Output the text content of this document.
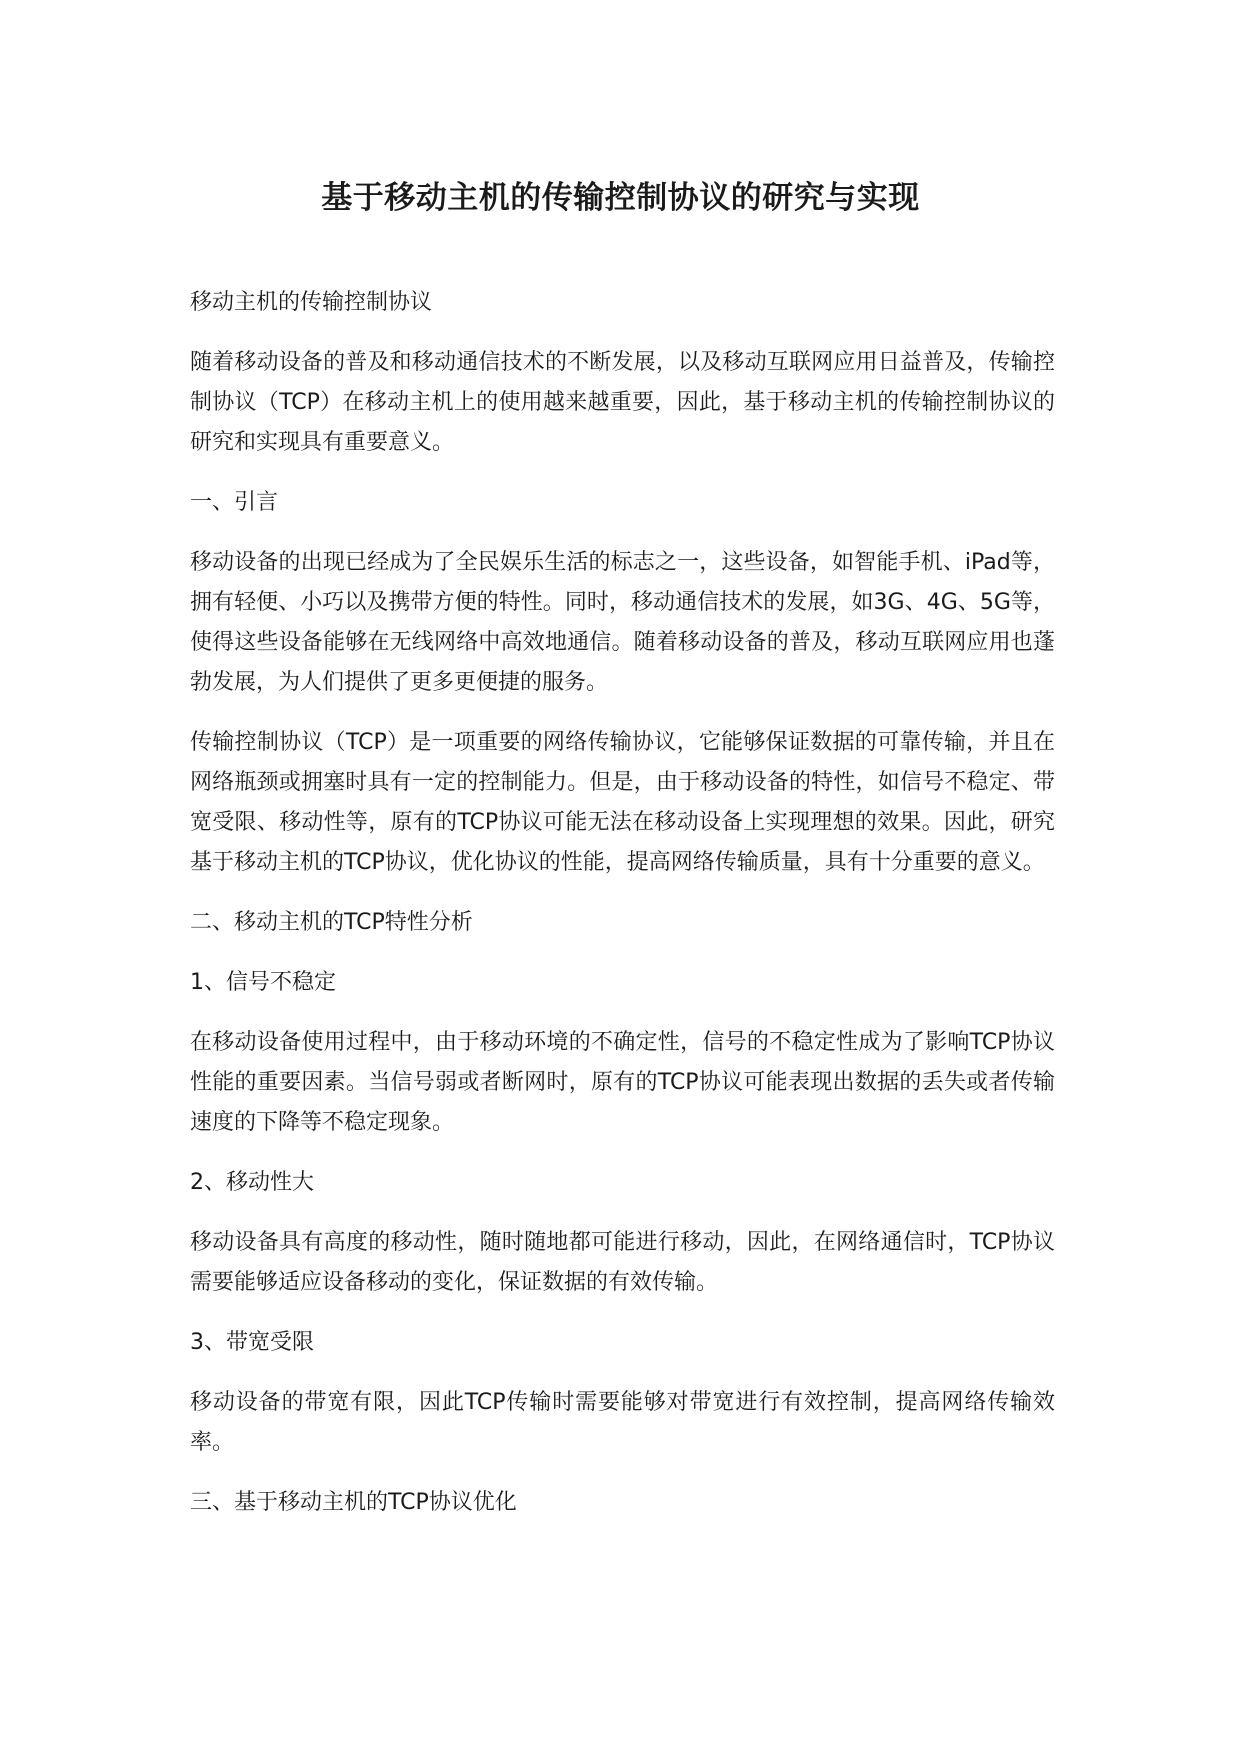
基于移动主机的传输控制协议的研究与实现
移动主机的传输控制协议
随着移动设备的普及和移动通信技术的不断发展，以及移动互联网应用日益普及，传输控制协议（TCP）在移动主机上的使用越来越重要，因此，基于移动主机的传输控制协议的研究和实现具有重要意义。
一、引言
移动设备的出现已经成为了全民娱乐生活的标志之一，这些设备，如智能手机、iPad等，拥有轻便、小巧以及携带方便的特性。同时，移动通信技术的发展，如3G、4G、5G等，使得这些设备能够在无线网络中高效地通信。随着移动设备的普及，移动互联网应用也蓬勃发展，为人们提供了更多更便捷的服务。
传输控制协议（TCP）是一项重要的网络传输协议，它能够保证数据的可靠传输，并且在网络瓶颈或拥塞时具有一定的控制能力。但是，由于移动设备的特性，如信号不稳定、带宽受限、移动性等，原有的TCP协议可能无法在移动设备上实现理想的效果。因此，研究基于移动主机的TCP协议，优化协议的性能，提高网络传输质量，具有十分重要的意义。
二、移动主机的TCP特性分析
1、信号不稳定
在移动设备使用过程中，由于移动环境的不确定性，信号的不稳定性成为了影响TCP协议性能的重要因素。当信号弱或者断网时，原有的TCP协议可能表现出数据的丢失或者传输速度的下降等不稳定现象。
2、移动性大
移动设备具有高度的移动性，随时随地都可能进行移动，因此，在网络通信时，TCP协议需要能够适应设备移动的变化，保证数据的有效传输。
3、带宽受限
移动设备的带宽有限，因此TCP传输时需要能够对带宽进行有效控制，提高网络传输效率。
三、基于移动主机的TCP协议优化
